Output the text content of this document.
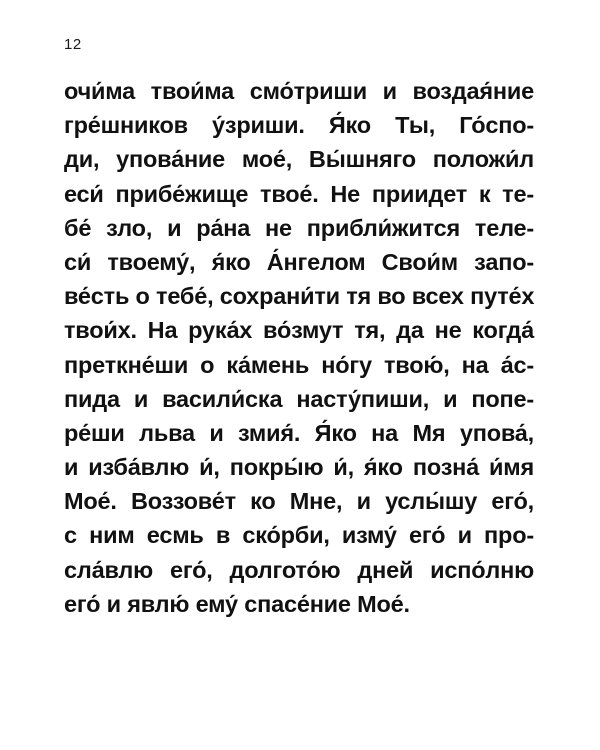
12
очи́ма твои́ма смо́триши и воздая́ние
гре́шников у́зриши. Я́ко Ты, Го́спо-
ди, упова́ние мое́, Вы́шняго положи́л
еси́ прибе́жище твое́. Не приидет к те-
бе́ зло, и ра́на не прибли́жится теле-
си́ твоему́, я́ко А́нгелом Свои́м запо-
ве́сть о тебе́, сохрани́ти тя во всех путе́х
твои́х. На рука́х во́змут тя, да не когда́
преткне́ши о ка́мень но́гу твою́, на а́с-
пида и васили́ска насту́пиши, и попе-
ре́ши льва и змия́. Я́ко на Мя упова́,
и изба́влю и́, покры́ю и́, я́ко позна́ и́мя
Мое́. Воззове́т ко Мне, и услы́шу его́,
с ним есмь в ско́рби, изму́ его́ и про-
сла́влю его́, долгото́ю дней испо́лню
его́ и явлю́ ему́ спасе́ние Мое́.
